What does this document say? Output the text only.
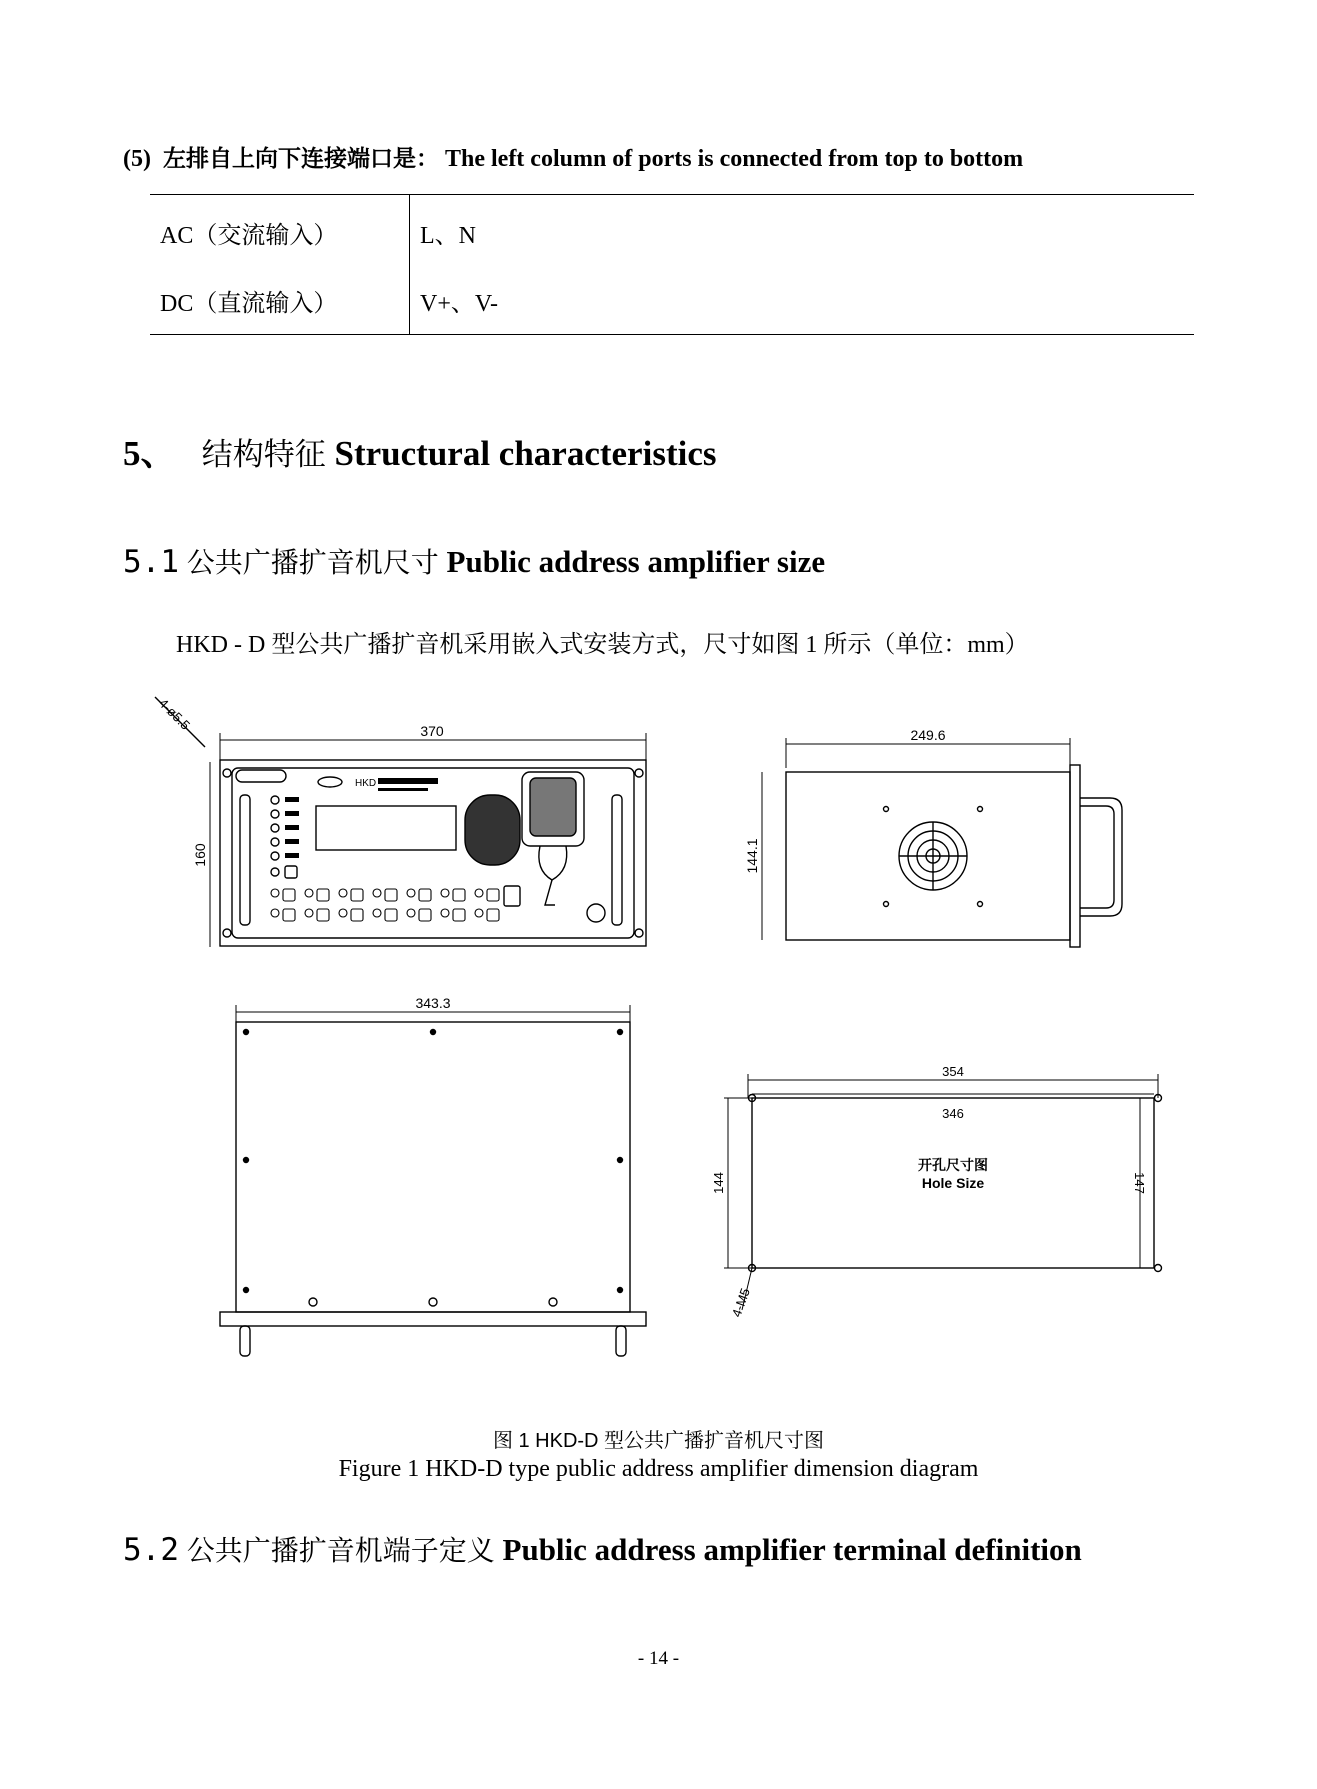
(5) 左排自上向下连接端口是： The left column of ports is connected from top to bottom
AC（交流输入）	L、N
DC（直流输入）	V+、V-
5、 结构特征 Structural characteristics
5.1 公共广播扩音机尺寸 Public address amplifier size
HKD - D 型公共广播扩音机采用嵌入式安装方式，尺寸如图 1 所示（单位：mm）
4-ø5.5	370
160
HKD
249.6
144.1
343.3
354
346
144	147
开孔尺寸图
Hole Size
4-M5
图 1 HKD-D 型公共广播扩音机尺寸图
Figure 1 HKD-D type public address amplifier dimension diagram
5.2 公共广播扩音机端子定义 Public address amplifier terminal definition
- 14 -
